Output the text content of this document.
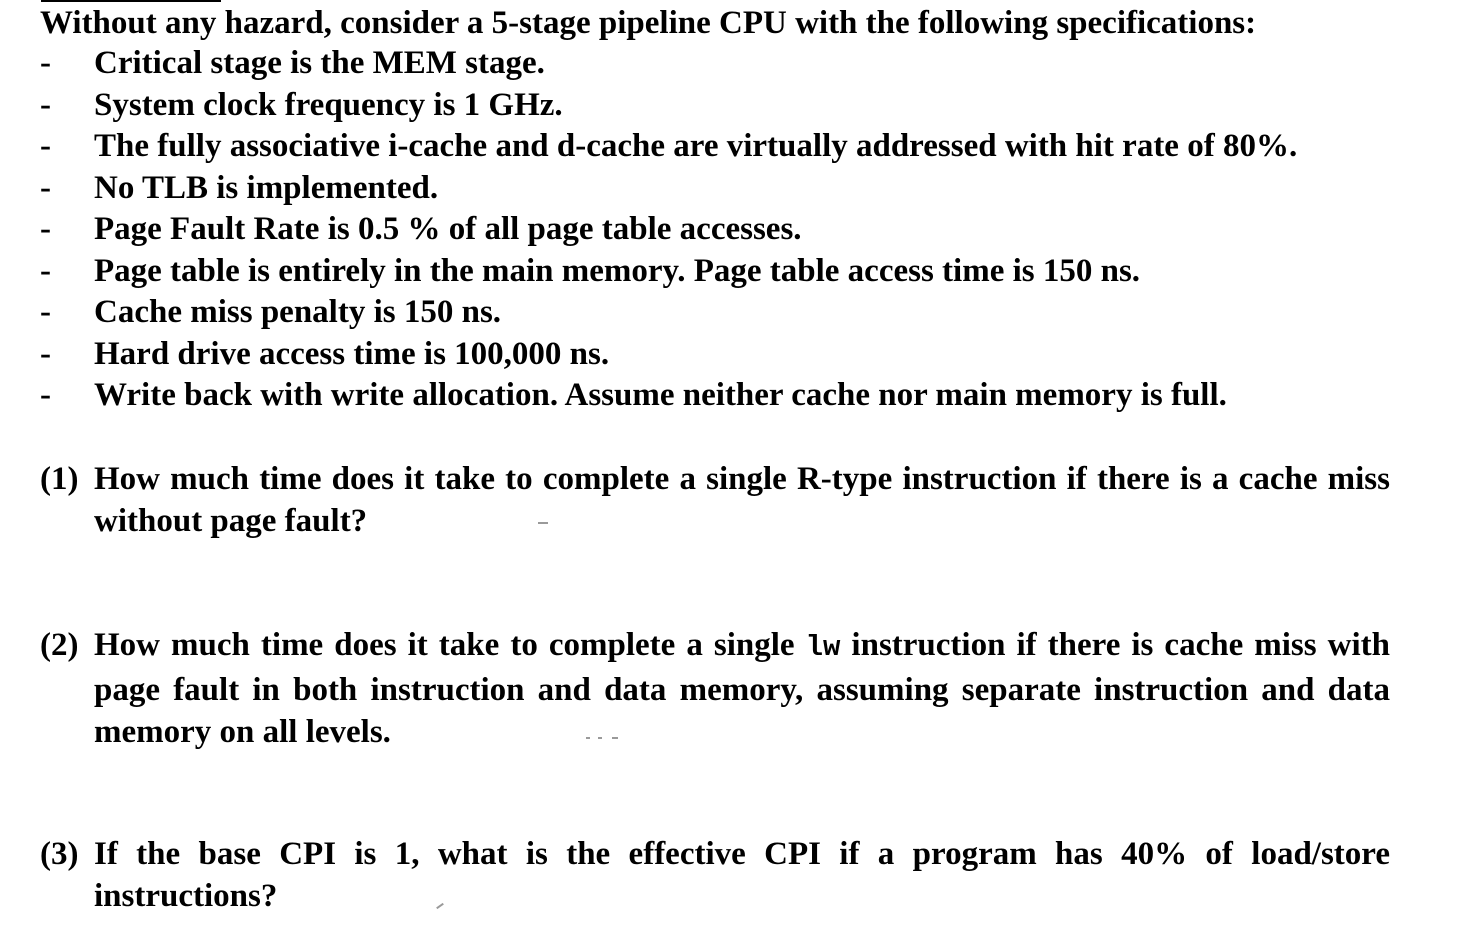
Without any hazard, consider a 5-stage pipeline CPU with the following specifications:
- Critical stage is the MEM stage.
- System clock frequency is 1 GHz.
- The fully associative i-cache and d-cache are virtually addressed with hit rate of 80%.
- No TLB is implemented.
- Page Fault Rate is 0.5 % of all page table accesses.
- Page table is entirely in the main memory. Page table access time is 150 ns.
- Cache miss penalty is 150 ns.
- Hard drive access time is 100,000 ns.
- Write back with write allocation. Assume neither cache nor main memory is full.
(1) How much time does it take to complete a single R-type instruction if there is a cache miss without page fault?
(2) How much time does it take to complete a single lw instruction if there is cache miss with page fault in both instruction and data memory, assuming separate instruction and data memory on all levels.
(3) If the base CPI is 1, what is the effective CPI if a program has 40% of load/store instructions?
